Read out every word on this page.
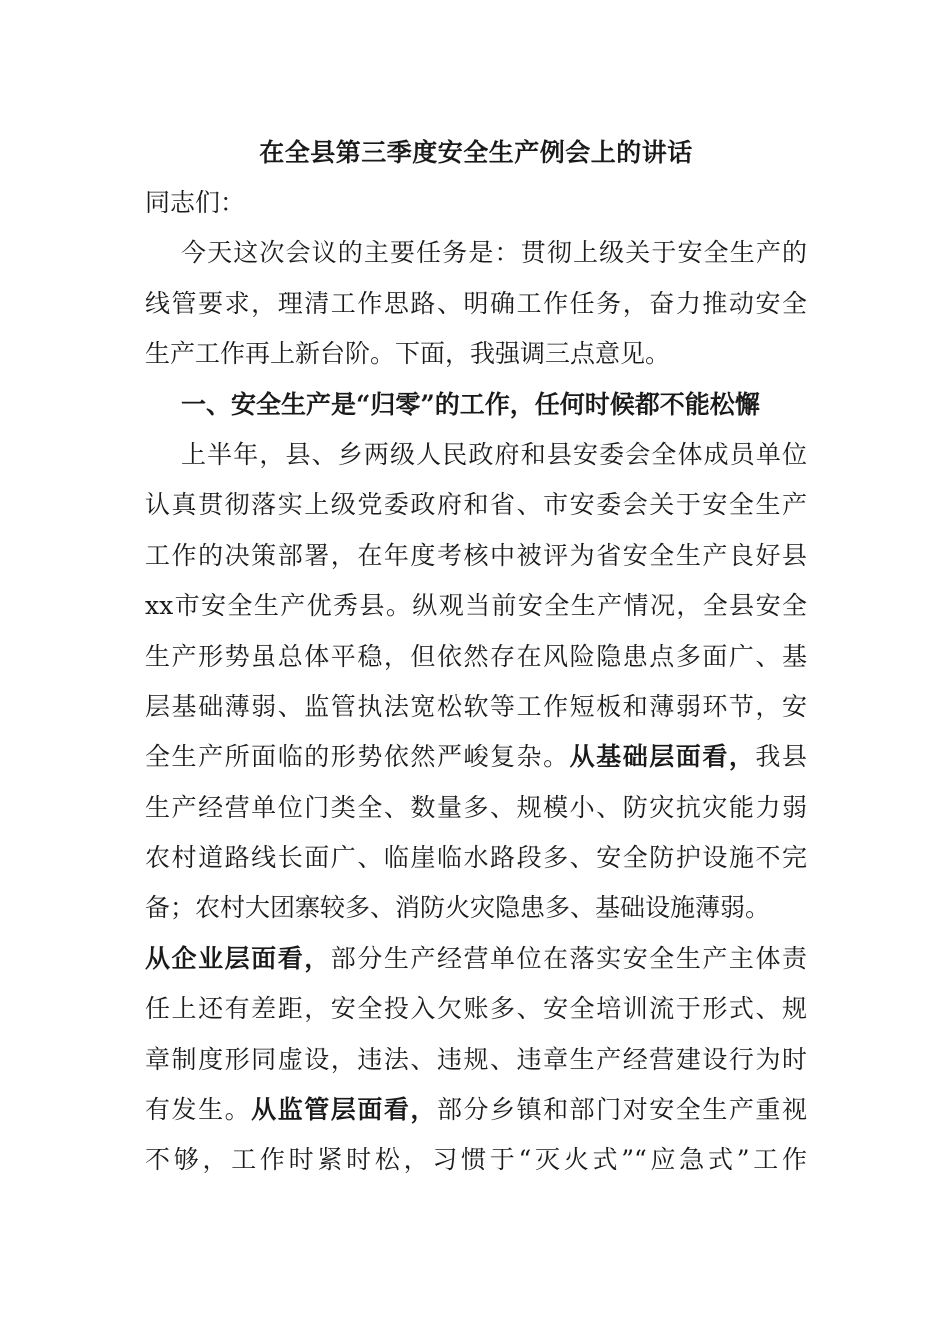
在全县第三季度安全生产例会上的讲话
同志们：
今天这次会议的主要任务是：贯彻上级关于安全生产的
线管要求，理清工作思路、明确工作任务，奋力推动安全
生产工作再上新台阶。下面，我强调三点意见。
一、安全生产是“归零”的工作，任何时候都不能松懈
上半年，县、乡两级人民政府和县安委会全体成员单位
认真贯彻落实上级党委政府和省、市安委会关于安全生产
工作的决策部署，在年度考核中被评为省安全生产良好县
xx市安全生产优秀县。纵观当前安全生产情况，全县安全
生产形势虽总体平稳，但依然存在风险隐患点多面广、基
层基础薄弱、监管执法宽松软等工作短板和薄弱环节，安
全生产所面临的形势依然严峻复杂。从基础层面看，我县
生产经营单位门类全、数量多、规模小、防灾抗灾能力弱
农村道路线长面广、临崖临水路段多、安全防护设施不完
备；农村大团寨较多、消防火灾隐患多、基础设施薄弱。
从企业层面看，部分生产经营单位在落实安全生产主体责
任上还有差距，安全投入欠账多、安全培训流于形式、规
章制度形同虚设，违法、违规、违章生产经营建设行为时
有发生。从监管层面看，部分乡镇和部门对安全生产重视
不够，工作时紧时松，习惯于“灭火式”“应急式”工作
